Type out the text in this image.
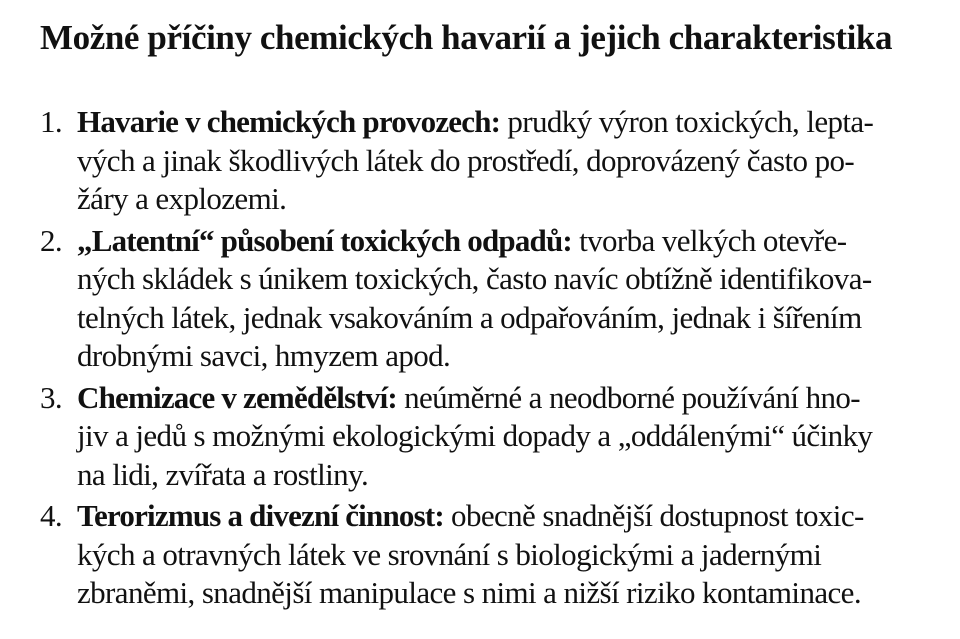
Možné příčiny chemických havarií a jejich charakteristika
1. Havarie v chemických provozech: prudký výron toxických, lepta-
vých a jinak škodlivých látek do prostředí, doprovázený často po-
žáry a explozemi.
2. „Latentní“ působení toxických odpadů: tvorba velkých otevře-
ných skládek s únikem toxických, často navíc obtížně identifikova-
telných látek, jednak vsakováním a odpařováním, jednak i šířením
drobnými savci, hmyzem apod.
3. Chemizace v zemědělství: neúměrné a neodborné používání hno-
jiv a jedů s možnými ekologickými dopady a „oddálenými“ účinky
na lidi, zvířata a rostliny.
4. Terorizmus a divezní činnost: obecně snadnější dostupnost toxic-
kých a otravných látek ve srovnání s biologickými a jadernými
zbraněmi, snadnější manipulace s nimi a nižší riziko kontaminace.
